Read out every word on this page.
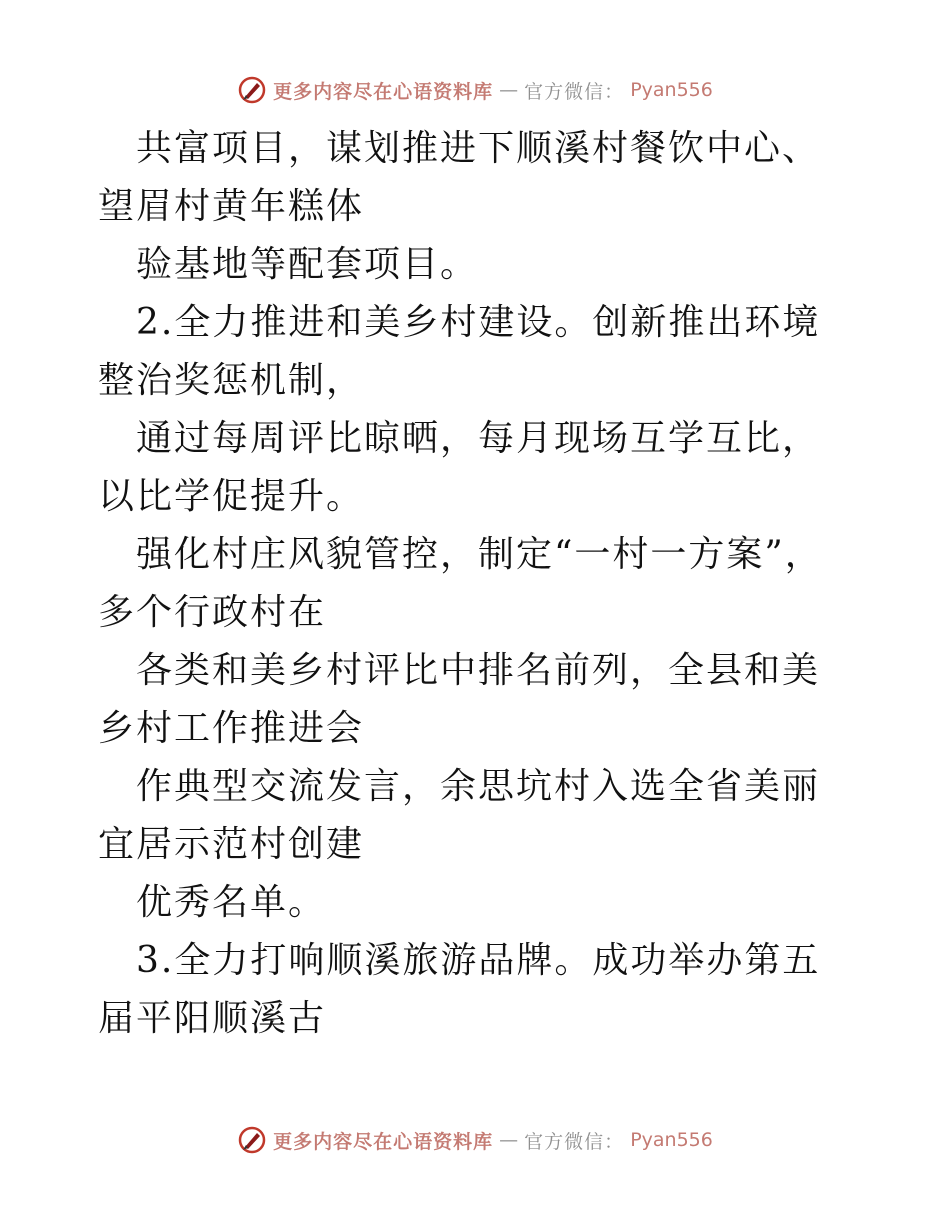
更多内容尽在心语资料库 — 官方微信： Pyan556

共富项目，谋划推进下顺溪村餐饮中心、望眉村黄年糕体

验基地等配套项目。

2.全力推进和美乡村建设。创新推出环境整治奖惩机制，

通过每周评比晾晒，每月现场互学互比，以比学促提升。

强化村庄风貌管控，制定“一村一方案”，多个行政村在

各类和美乡村评比中排名前列，全县和美乡村工作推进会

作典型交流发言，余思坑村入选全省美丽宜居示范村创建

优秀名单。

3.全力打响顺溪旅游品牌。成功举办第五届平阳顺溪古

更多内容尽在心语资料库 — 官方微信： Pyan556
